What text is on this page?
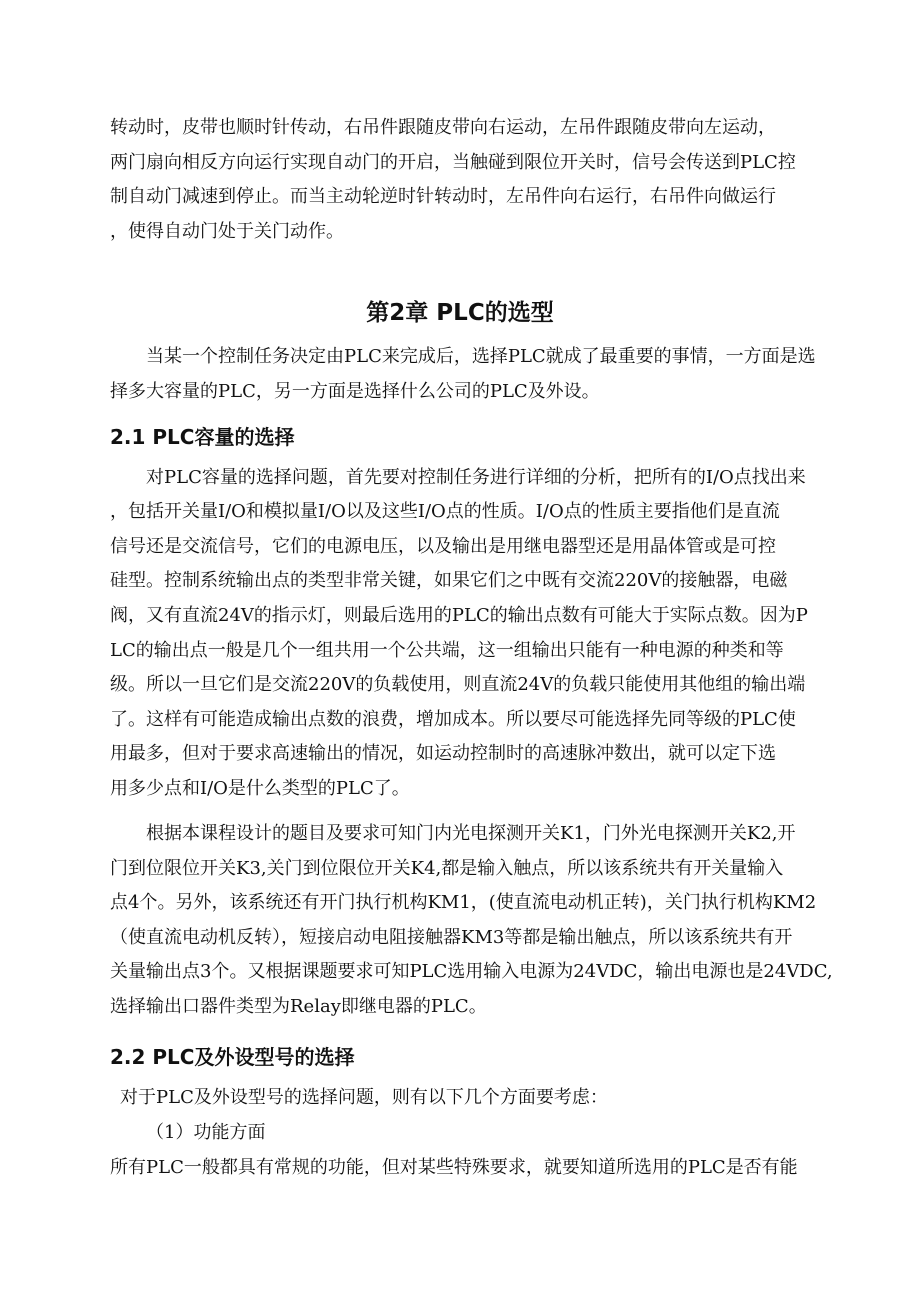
转动时，皮带也顺时针传动，右吊件跟随皮带向右运动，左吊件跟随皮带向左运动，
两门扇向相反方向运行实现自动门的开启，当触碰到限位开关时，信号会传送到PLC控
制自动门减速到停止。而当主动轮逆时针转动时，左吊件向右运行，右吊件向做运行
，使得自动门处于关门动作。
第2章 PLC的选型
当某一个控制任务决定由PLC来完成后，选择PLC就成了最重要的事情，一方面是选
择多大容量的PLC，另一方面是选择什么公司的PLC及外设。
2.1 PLC容量的选择
对PLC容量的选择问题，首先要对控制任务进行详细的分析，把所有的I/O点找出来
，包括开关量I/O和模拟量I/O以及这些I/O点的性质。I/O点的性质主要指他们是直流
信号还是交流信号，它们的电源电压，以及输出是用继电器型还是用晶体管或是可控
硅型。控制系统输出点的类型非常关键，如果它们之中既有交流220V的接触器，电磁
阀，又有直流24V的指示灯，则最后选用的PLC的输出点数有可能大于实际点数。因为P
LC的输出点一般是几个一组共用一个公共端，这一组输出只能有一种电源的种类和等
级。所以一旦它们是交流220V的负载使用，则直流24V的负载只能使用其他组的输出端
了。这样有可能造成输出点数的浪费，增加成本。所以要尽可能选择先同等级的PLC使
用最多，但对于要求高速输出的情况，如运动控制时的高速脉冲数出，就可以定下选
用多少点和I/O是什么类型的PLC了。
根据本课程设计的题目及要求可知门内光电探测开关K1，门外光电探测开关K2,开
门到位限位开关K3,关门到位限位开关K4,都是输入触点，所以该系统共有开关量输入
点4个。另外，该系统还有开门执行机构KM1，(使直流电动机正转)，关门执行机构KM2
（使直流电动机反转），短接启动电阻接触器KM3等都是输出触点，所以该系统共有开
关量输出点3个。又根据课题要求可知PLC选用输入电源为24VDC，输出电源也是24VDC,
选择输出口器件类型为Relay即继电器的PLC。
2.2 PLC及外设型号的选择
对于PLC及外设型号的选择问题，则有以下几个方面要考虑：
（1）功能方面
所有PLC一般都具有常规的功能，但对某些特殊要求，就要知道所选用的PLC是否有能
